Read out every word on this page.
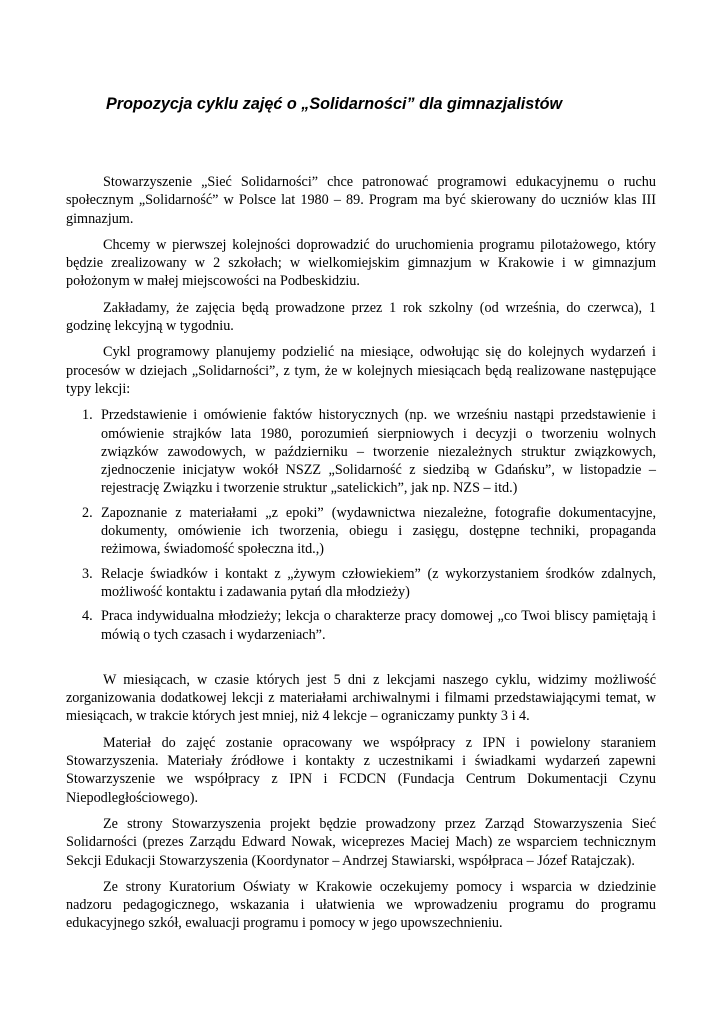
Propozycja cyklu zajęć o „Solidarności” dla gimnazjalistów

Stowarzyszenie „Sieć Solidarności” chce patronować programowi edukacyjnemu o ruchu społecznym „Solidarność” w Polsce lat 1980 – 89. Program ma być skierowany do uczniów klas III gimnazjum.

Chcemy w pierwszej kolejności doprowadzić do uruchomienia programu pilotażowego, który będzie zrealizowany w 2 szkołach; w wielkomiejskim gimnazjum w Krakowie i w gimnazjum położonym w małej miejscowości na Podbeskidziu.

Zakładamy, że zajęcia będą prowadzone przez 1 rok szkolny (od września, do czerwca), 1 godzinę lekcyjną w tygodniu.

Cykl programowy planujemy podzielić na miesiące, odwołując się do kolejnych wydarzeń i procesów w dziejach „Solidarności”, z tym, że w kolejnych miesiącach będą realizowane następujące typy lekcji:

1. Przedstawienie i omówienie faktów historycznych (np. we wrześniu nastąpi przedstawienie i omówienie strajków lata 1980, porozumień sierpniowych i decyzji o tworzeniu wolnych związków zawodowych, w październiku – tworzenie niezależnych struktur związkowych, zjednoczenie inicjatyw wokół NSZZ „Solidarność z siedzibą w Gdańsku”, w listopadzie – rejestrację Związku i tworzenie struktur „satelickich”, jak np. NZS – itd.)
2. Zapoznanie z materiałami „z epoki” (wydawnictwa niezależne, fotografie dokumentacyjne, dokumenty, omówienie ich tworzenia, obiegu i zasięgu, dostępne techniki, propaganda reżimowa, świadomość społeczna itd.,)
3. Relacje świadków i kontakt z „żywym człowiekiem” (z wykorzystaniem środków zdalnych, możliwość kontaktu i zadawania pytań dla młodzieży)
4. Praca indywidualna młodzieży; lekcja o charakterze pracy domowej „co Twoi bliscy pamiętają i mówią o tych czasach i wydarzeniach”.

W miesiącach, w czasie których jest 5 dni z lekcjami naszego cyklu, widzimy możliwość zorganizowania dodatkowej lekcji z materiałami archiwalnymi i filmami przedstawiającymi temat, w miesiącach, w trakcie których jest mniej, niż 4 lekcje – ograniczamy punkty 3 i 4.

Materiał do zajęć zostanie opracowany we współpracy z IPN i powielony staraniem Stowarzyszenia. Materiały źródłowe i kontakty z uczestnikami i świadkami wydarzeń zapewni Stowarzyszenie we współpracy z IPN i FCDCN (Fundacja Centrum Dokumentacji Czynu Niepodległościowego).

Ze strony Stowarzyszenia projekt będzie prowadzony przez Zarząd Stowarzyszenia Sieć Solidarności (prezes Zarządu Edward Nowak, wiceprezes Maciej Mach) ze wsparciem technicznym Sekcji Edukacji Stowarzyszenia (Koordynator – Andrzej Stawiarski, współpraca – Józef Ratajczak).

Ze strony Kuratorium Oświaty w Krakowie oczekujemy pomocy i wsparcia w dziedzinie nadzoru pedagogicznego, wskazania i ułatwienia we wprowadzeniu programu do programu edukacyjnego szkół, ewaluacji programu i pomocy w jego upowszechnieniu.
